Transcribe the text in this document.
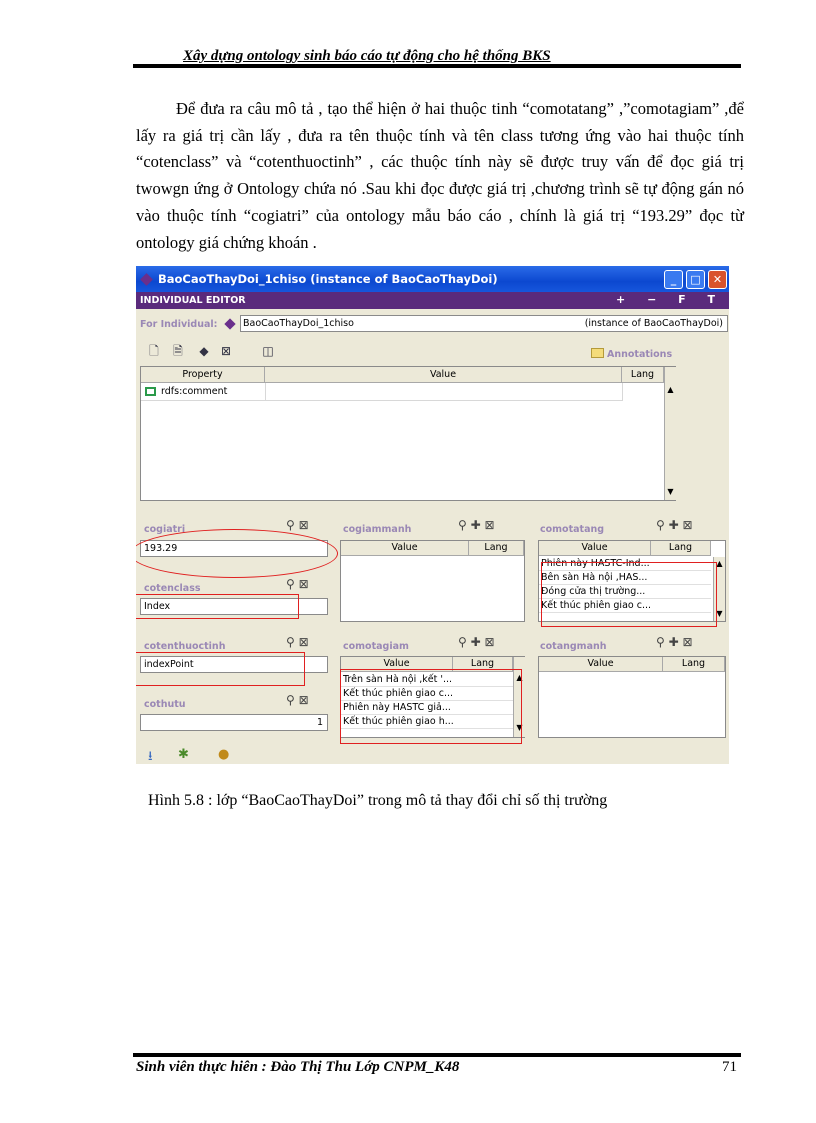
Xây dựng ontology sinh báo cáo tự động cho hệ thống BKS
Để đưa ra câu mô tả , tạo thể hiện ở hai thuộc tinh “comotatang” ,”comotagiam” ,để lấy ra giá trị cần lấy , đưa ra tên thuộc tính và tên class tương ứng vào hai thuộc tính “cotenclass” và “cotenthuoctinh” , các thuộc tính này sẽ được truy vấn để đọc giá trị twowgn ứng ở Ontology chứa nó .Sau khi đọc được giá trị ,chương trình sẽ tự động gán nó vào thuộc tính “cogiatri” của ontology mẫu báo cáo , chính là giá trị “193.29” đọc từ ontology giá chứng khoán .
BaoCaoThayDoi_1chiso (instance of BaoCaoThayDoi)	_	□	✕
INDIVIDUAL EDITOR	+ − F T
For Individual:	BaoCaoThayDoi_1chiso	(instance of BaoCaoThayDoi)
🗋 🗎 ◆ ⊠	◫	Annotations
Property	Value	Lang
rdfs:comment	▲
▼
cogiatri	⚲ ⊠
193.29
cotenclass	⚲ ⊠
Index
cotenthuoctinh	⚲ ⊠
indexPoint
cothutu	⚲ ⊠
1
cogiammanh	⚲ ✚ ⊠
Value	Lang
comotatang	⚲ ✚ ⊠
Value	Lang
Phiên này HASTC-Ind...
Bên sàn Hà nội ,HAS...
Đóng cửa thị trường...
Kết thúc phiên giao c...
▲
▼
comotagiam	⚲ ✚ ⊠
Value	Lang
Trên sàn Hà nội ,kết '...
Kết thúc phiên giao c...
Phiên này HASTC giả...
Kết thúc phiên giao h...
▲
▼
cotangmanh	⚲ ✚ ⊠
Value	Lang
⭳ ✱ ●
Hình 5.8 : lớp “BaoCaoThayDoi” trong mô tả thay đổi chỉ số thị trường
Sinh viên thực hiên : Đào Thị Thu Lớp CNPM_K48	71
